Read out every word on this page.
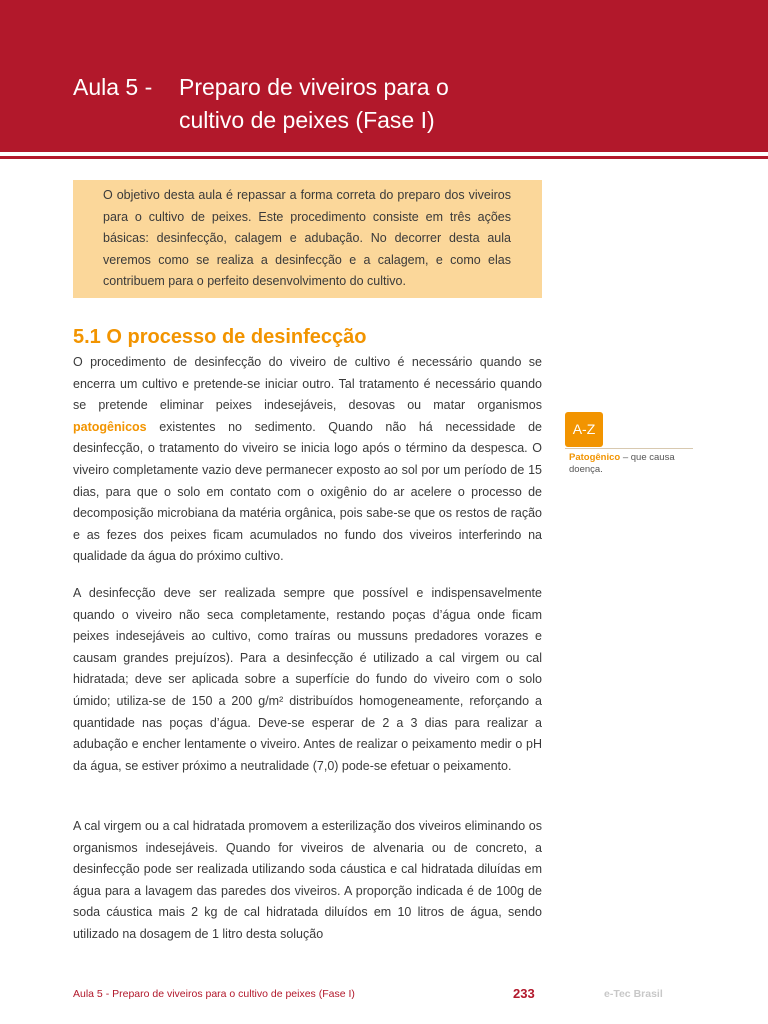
Aula 5 - Preparo de viveiros para o
cultivo de peixes (Fase I)
O objetivo desta aula é repassar a forma correta do preparo dos viveiros para o cultivo de peixes. Este procedimento consiste em três ações básicas: desinfecção, calagem e adubação. No decorrer desta aula veremos como se realiza a desinfecção e a calagem, e como elas contribuem para o perfeito desenvolvimento do cultivo.
5.1 O processo de desinfecção
O procedimento de desinfecção do viveiro de cultivo é necessário quando se encerra um cultivo e pretende-se iniciar outro. Tal tratamento é necessário quando se pretende eliminar peixes indesejáveis, desovas ou matar organismos patogênicos existentes no sedimento. Quando não há necessidade de desinfecção, o tratamento do viveiro se inicia logo após o término da despesca. O viveiro completamente vazio deve permanecer exposto ao sol por um período de 15 dias, para que o solo em contato com o oxigênio do ar acelere o processo de decomposição microbiana da matéria orgânica, pois sabe-se que os restos de ração e as fezes dos peixes ficam acumulados no fundo dos viveiros interferindo na qualidade da água do próximo cultivo.
A desinfecção deve ser realizada sempre que possível e indispensavelmente quando o viveiro não seca completamente, restando poças d’água onde ficam peixes indesejáveis ao cultivo, como traíras ou mussuns predadores vorazes e causam grandes prejuízos). Para a desinfecção é utilizado a cal virgem ou cal hidratada; deve ser aplicada sobre a superfície do fundo do viveiro com o solo úmido; utiliza-se de 150 a 200 g/m² distribuídos homogeneamente, reforçando a quantidade nas poças d’água. Deve-se esperar de 2 a 3 dias para realizar a adubação e encher lentamente o viveiro. Antes de realizar o peixamento medir o pH da água, se estiver próximo a neutralidade (7,0) pode-se efetuar o peixamento.
A cal virgem ou a cal hidratada promovem a esterilização dos viveiros eliminando os organismos indesejáveis. Quando for viveiros de alvenaria ou de concreto, a desinfecção pode ser realizada utilizando soda cáustica e cal hidratada diluídas em água para a lavagem das paredes dos viveiros. A proporção indicada é de 100g de soda cáustica mais 2 kg de cal hidratada diluídos em 10 litros de água, sendo utilizado na dosagem de 1 litro desta solução
A-Z
Patogênico – que causa doença.
Aula 5 - Preparo de viveiros para o cultivo de peixes (Fase I)	233	e-Tec Brasil
